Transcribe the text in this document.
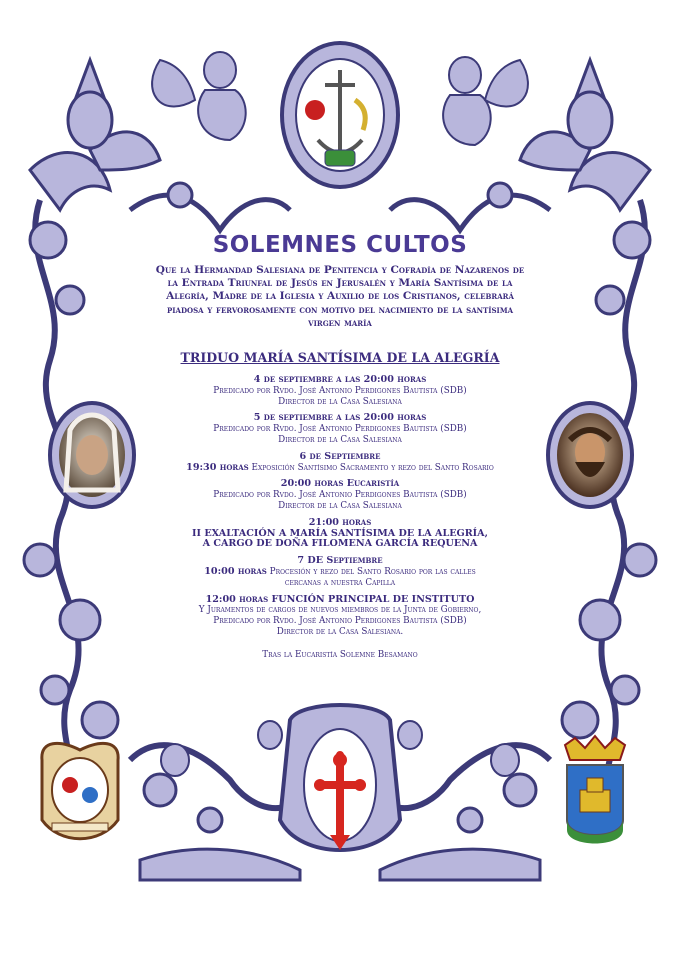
SOLEMNES CULTOS
Que la Hermandad Salesiana de Penitencia y Cofradía de Nazarenos de la Entrada Triunfal de Jesús en Jerusalén y María Santísima de la Alegría, Madre de la Iglesia y Auxilio de los Cristianos, celebrará piadosa y fervorosamente con motivo del nacimiento de la santísima virgen maría
TRIDUO MARÍA SANTÍSIMA DE LA ALEGRÍA
4 de septiembre a las 20:00 horas
Predicado por Rvdo. José Antonio Perdigones Bautista (SDB)
Director de la Casa Salesiana
5 de septiembre a las 20:00 horas
Predicado por Rvdo. José Antonio Perdigones Bautista (SDB)
Director de la Casa Salesiana
6 de Septiembre
19:30 horas Exposición Santísimo Sacramento y rezo del Santo Rosario
20:00 horas Eucaristía
Predicado por Rvdo. José Antonio Perdigones Bautista (SDB)
Director de la Casa Salesiana
21:00 horas
II EXALTACIÓN A MARÍA SANTÍSIMA DE LA ALEGRÍA,
A CARGO DE DOÑA FILOMENA GARCÍA REQUENA
7 DE Septiembre
10:00 horas Procesión y rezo del Santo Rosario por las calles
cercanas a nuestra Capilla
12:00 horas FUNCIÓN PRINCIPAL DE INSTITUTO
Y Juramentos de cargos de nuevos miembros de la Junta de Gobierno,
Predicado por Rvdo. José Antonio Perdigones Bautista (SDB)
Director de la Casa Salesiana.
Tras la Eucaristía Solemne Besamano
